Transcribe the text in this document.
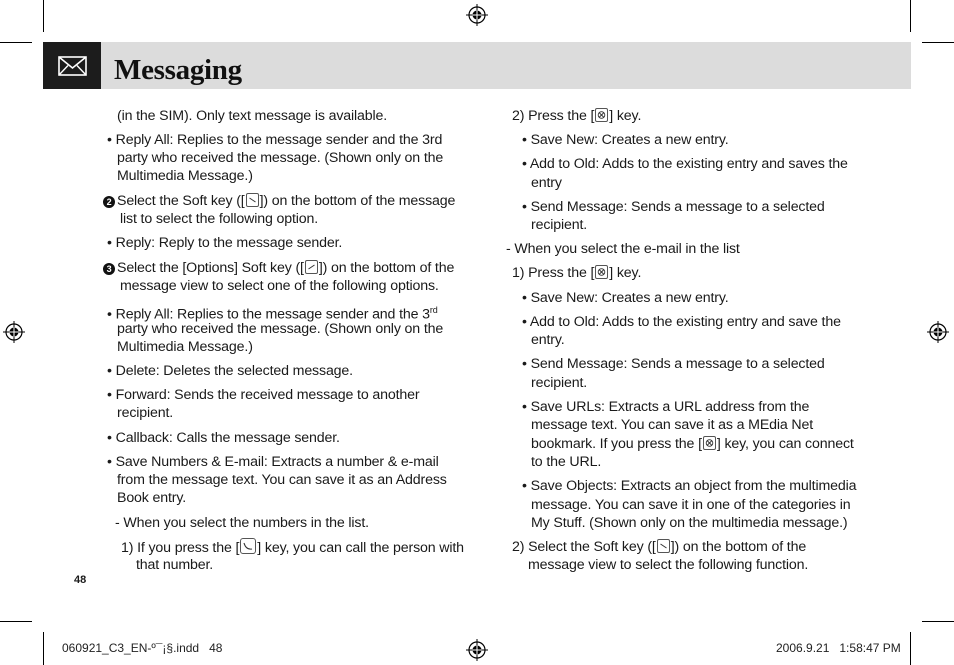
Messaging
(in the SIM). Only text message is available.
• Reply All: Replies to the message sender and the 3rd
party who received the message. (Shown only on the
Multimedia Message.)
2 Select the Soft key ([ ]) on the bottom of the message
list to select the following option.
• Reply: Reply to the message sender.
3 Select the [Options] Soft key ([ ]) on the bottom of the
message view to select one of the following options.
• Reply All: Replies to the message sender and the 3rd
party who received the message. (Shown only on the
Multimedia Message.)
• Delete: Deletes the selected message.
• Forward: Sends the received message to another
recipient.
• Callback: Calls the message sender.
• Save Numbers & E-mail: Extracts a number & e-mail
from the message text. You can save it as an Address
Book entry.
- When you select the numbers in the list.
1) If you press the [ ] key, you can call the person with
that number.
2) Press the [ ] key.
• Save New: Creates a new entry.
• Add to Old: Adds to the existing entry and saves the
entry
• Send Message: Sends a message to a selected
recipient.
- When you select the e-mail in the list
1) Press the [ ] key.
• Save New: Creates a new entry.
• Add to Old: Adds to the existing entry and save the
entry.
• Send Message: Sends a message to a selected
recipient.
• Save URLs: Extracts a URL address from the
message text. You can save it as a MEdia Net
bookmark. If you press the [ ] key, you can connect
to the URL.
• Save Objects: Extracts an object from the multimedia
message. You can save it in one of the categories in
My Stuff. (Shown only on the multimedia message.)
2) Select the Soft key ([ ]) on the bottom of the
message view to select the following function.
48
060921_C3_EN-º¯¡§.indd   48	2006.9.21   1:58:47 PM
